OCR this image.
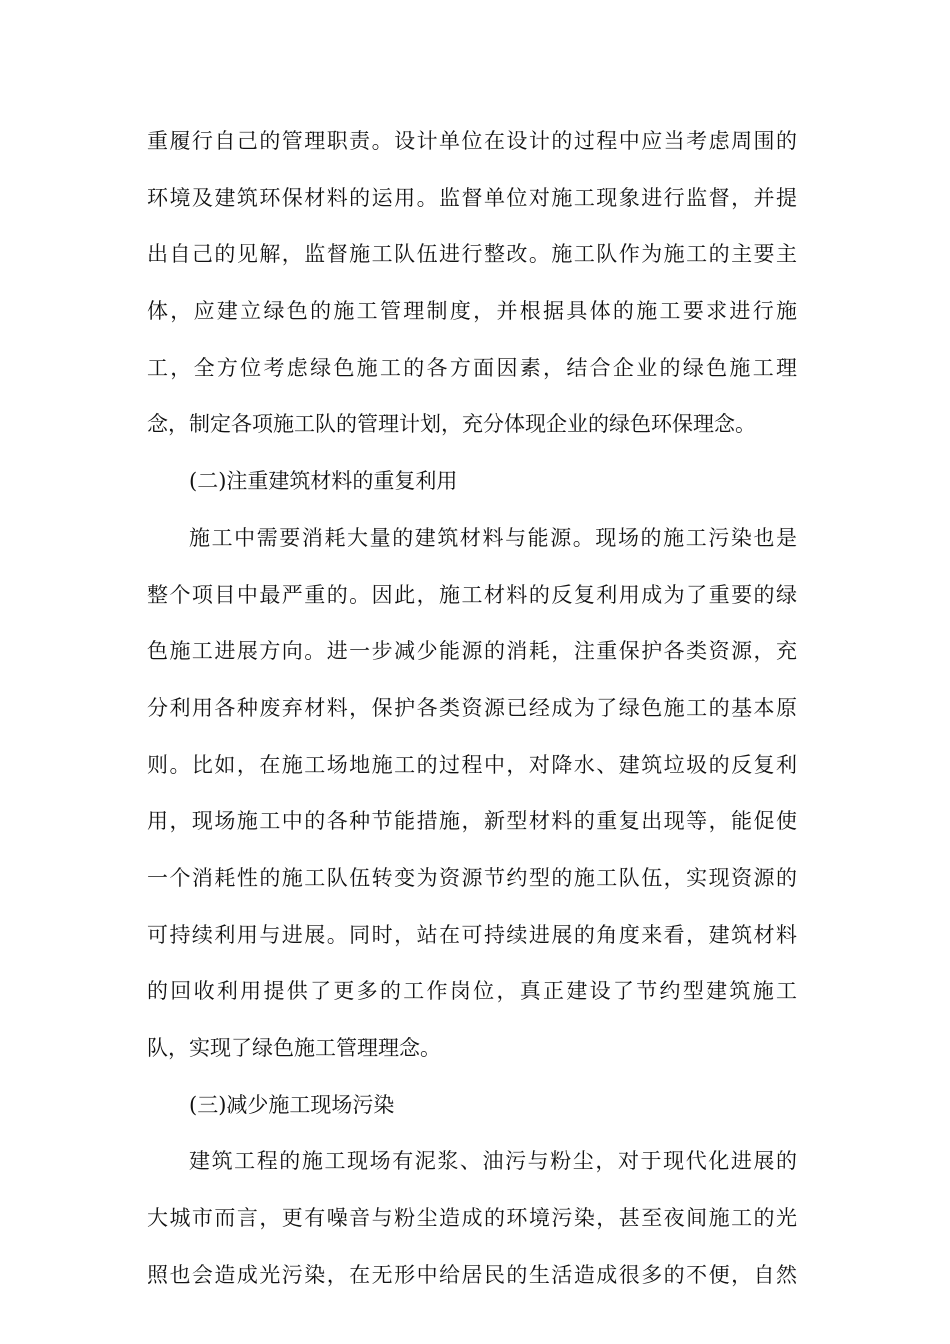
重履行自己的管理职责。设计单位在设计的过程中应当考虑周围的
环境及建筑环保材料的运用。监督单位对施工现象进行监督，并提
出自己的见解，监督施工队伍进行整改。施工队作为施工的主要主
体，应建立绿色的施工管理制度，并根据具体的施工要求进行施
工，全方位考虑绿色施工的各方面因素，结合企业的绿色施工理
念，制定各项施工队的管理计划，充分体现企业的绿色环保理念。
(二)注重建筑材料的重复利用
施工中需要消耗大量的建筑材料与能源。现场的施工污染也是
整个项目中最严重的。因此，施工材料的反复利用成为了重要的绿
色施工进展方向。进一步减少能源的消耗，注重保护各类资源，充
分利用各种废弃材料，保护各类资源已经成为了绿色施工的基本原
则。比如，在施工场地施工的过程中，对降水、建筑垃圾的反复利
用，现场施工中的各种节能措施，新型材料的重复出现等，能促使
一个消耗性的施工队伍转变为资源节约型的施工队伍，实现资源的
可持续利用与进展。同时，站在可持续进展的角度来看，建筑材料
的回收利用提供了更多的工作岗位，真正建设了节约型建筑施工
队，实现了绿色施工管理理念。
(三)减少施工现场污染
建筑工程的施工现场有泥浆、油污与粉尘，对于现代化进展的
大城市而言，更有噪音与粉尘造成的环境污染，甚至夜间施工的光
照也会造成光污染，在无形中给居民的生活造成很多的不便，自然
